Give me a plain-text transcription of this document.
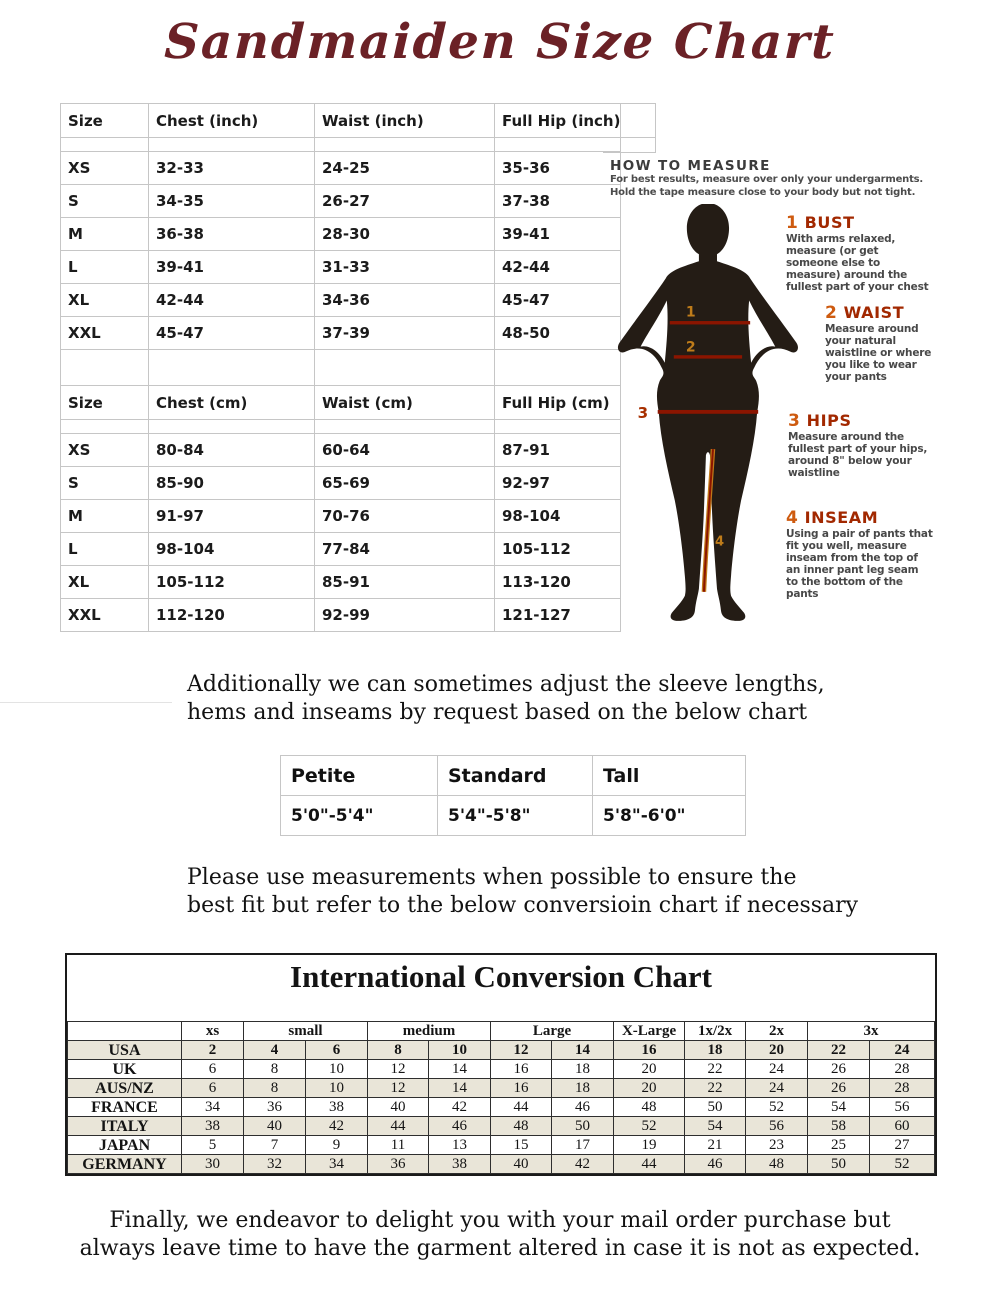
Sandmaiden Size Chart
Size	Chest (inch)	Waist (inch)	Full Hip (inch)

XS	32-33	24-25	35-36
S	34-35	26-27	37-38
M	36-38	28-30	39-41
L	39-41	31-33	42-44
XL	42-44	34-36	45-47
XXL	45-47	37-39	48-50

Size	Chest (cm)	Waist (cm)	Full Hip (cm)

XS	80-84	60-64	87-91
S	85-90	65-69	92-97
M	91-97	70-76	98-104
L	98-104	77-84	105-112
XL	105-112	85-91	113-120
XXL	112-120	92-99	121-127
HOW TO MEASURE
For best results, measure over only your undergarments.
Hold the tape measure close to your body but not tight.
1
2
3
4
1 BUST
With arms relaxed,
measure (or get
someone else to
measure) around the
fullest part of your chest
2 WAIST
Measure around
your natural
waistline or where
you like to wear
your pants
3 HIPS
Measure around the
fullest part of your hips,
around 8" below your
waistline
4 INSEAM
Using a pair of pants that
fit you well, measure
inseam from the top of
an inner pant leg seam
to the bottom of the
pants
Additionally we can sometimes adjust the sleeve lengths,
hems and inseams by request based on the below chart
Petite	Standard	Tall
5'0"-5'4"	5'4"-5'8"	5'8"-6'0"
Please use measurements when possible to ensure the
best fit but refer to the below conversioin chart if necessary
International Conversion Chart
	xs	small		medium		Large		X-Large	1x/2x	2x	3x	
USA	2	4	6	8	10	12	14	16	18	20	22	24
UK	6	8	10	12	14	16	18	20	22	24	26	28
AUS/NZ	6	8	10	12	14	16	18	20	22	24	26	28
FRANCE	34	36	38	40	42	44	46	48	50	52	54	56
ITALY	38	40	42	44	46	48	50	52	54	56	58	60
JAPAN	5	7	9	11	13	15	17	19	21	23	25	27
GERMANY	30	32	34	36	38	40	42	44	46	48	50	52
Finally, we endeavor to delight you with your mail order purchase but
always leave time to have the garment altered in case it is not as expected.
